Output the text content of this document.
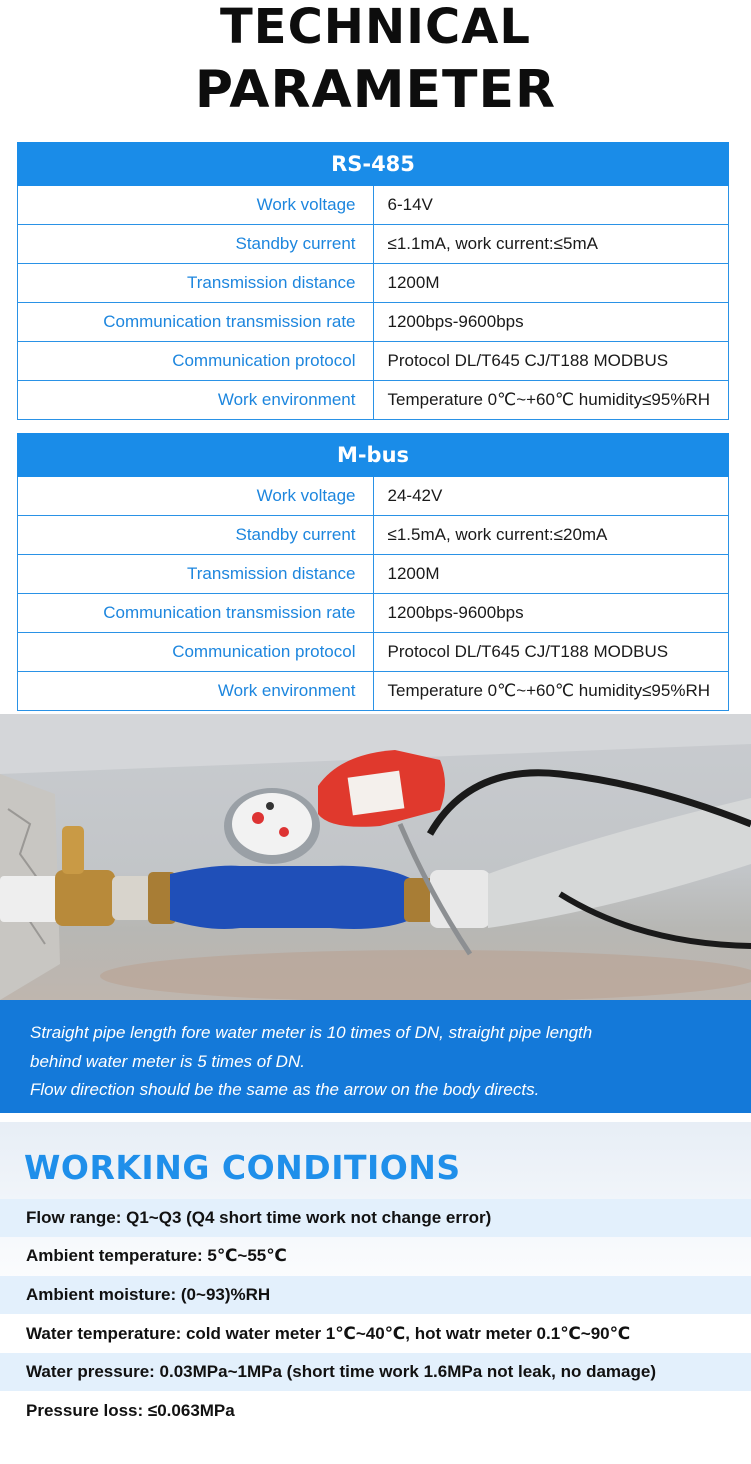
TECHNICAL
PARAMETER
RS-485	
Work voltage	6-14V
Standby current	≤1.1mA, work current:≤5mA
Transmission distance	1200M
Communication transmission rate	1200bps-9600bps
Communication protocol	Protocol DL/T645 CJ/T188 MODBUS
Work environment	Temperature 0℃~+60℃ humidity≤95%RH
M-bus	
Work voltage	24-42V
Standby current	≤1.5mA, work current:≤20mA
Transmission distance	1200M
Communication transmission rate	1200bps-9600bps
Communication protocol	Protocol DL/T645 CJ/T188 MODBUS
Work environment	Temperature 0℃~+60℃ humidity≤95%RH
Straight pipe length fore water meter is 10 times of DN, straight pipe length
behind water meter is 5 times of DN.
Flow direction should be the same as the arrow on the body directs.
WORKING CONDITIONS
Flow range: Q1~Q3 (Q4 short time work not change error)
Ambient temperature: 5℃~55℃
Ambient moisture: (0~93)%RH
Water temperature: cold water meter 1℃~40℃, hot watr meter 0.1℃~90℃
Water pressure: 0.03MPa~1MPa (short time work 1.6MPa not leak, no damage)
Pressure loss: ≤0.063MPa
